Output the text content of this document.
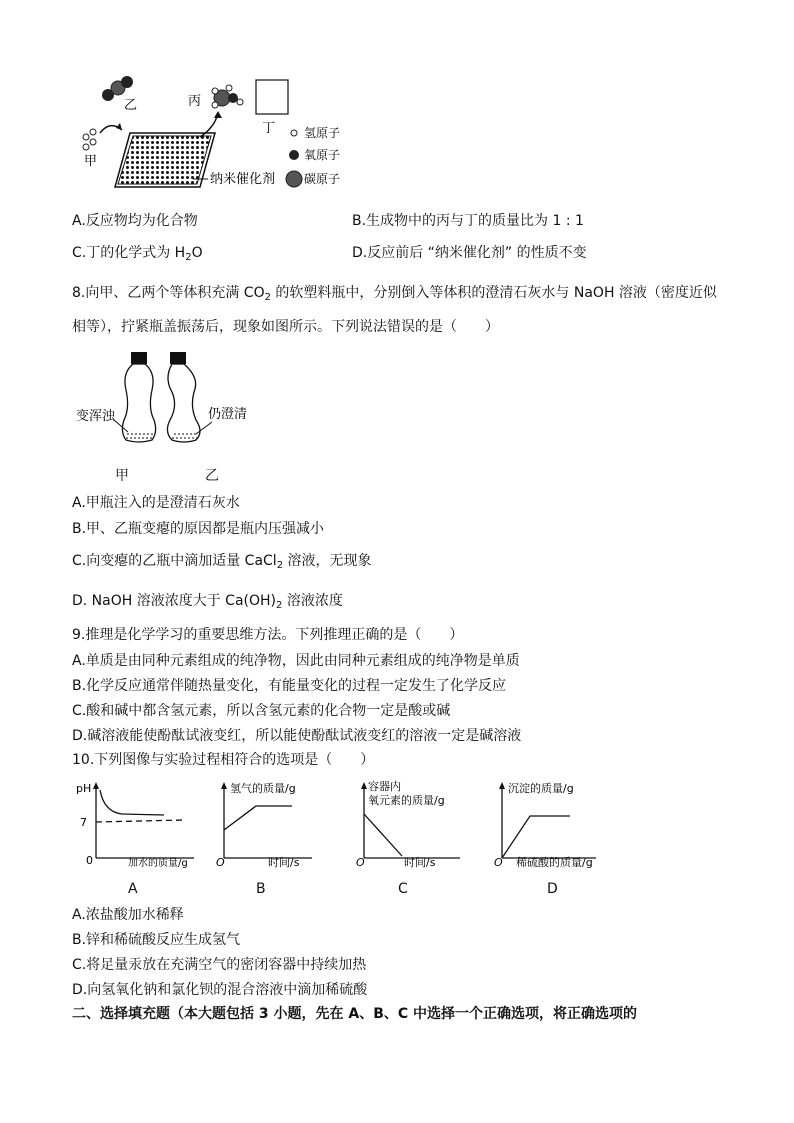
乙
甲
丙
丁
纳米催化剂
氢原子
氧原子
碳原子
A.反应物均为化合物	B.生成物中的丙与丁的质量比为 1 : 1
C.丁的化学式为 $H_2O$	D.反应前后 “纳米催化剂” 的性质不变
8.向甲、乙两个等体积充满 $CO_2$ 的软塑料瓶中，分别倒入等体积的澄清石灰水与 NaOH 溶液（密度近似
相等），拧紧瓶盖振荡后，现象如图所示。下列说法错误的是（　　）
变浑浊	仍澄清
甲	乙
A.甲瓶注入的是澄清石灰水
B.甲、乙瓶变瘪的原因都是瓶内压强减小
C.向变瘪的乙瓶中滴加适量 CaCl$_2$ 溶液，无现象
D. NaOH 溶液浓度大于 $Ca(OH)_2$ 溶液浓度
9.推理是化学学习的重要思维方法。下列推理正确的是（　　）
A.单质是由同种元素组成的纯净物，因此由同种元素组成的纯净物是单质
B.化学反应通常伴随热量变化，有能量变化的过程一定发生了化学反应
C.酸和碱中都含氢元素，所以含氢元素的化合物一定是酸或碱
D.碱溶液能使酚酞试液变红，所以能使酚酞试液变红的溶液一定是碱溶液
10.下列图像与实验过程相符合的选项是（　　）
pH
7
0	加水的质量/g
A
氢气的质量/g
O	时间/s
B
容器内
氧元素的质量/g
O	时间/s
C
沉淀的质量/g
O 稀硫酸的质量/g
D
A.浓盐酸加水稀释
B.锌和稀硫酸反应生成氢气
C.将足量汞放在充满空气的密闭容器中持续加热
D.向氢氧化钠和氯化钡的混合溶液中滴加稀硫酸
二、选择填充题（本大题包括 3 小题，先在 A、B、C 中选择一个正确选项，将正确选项的
